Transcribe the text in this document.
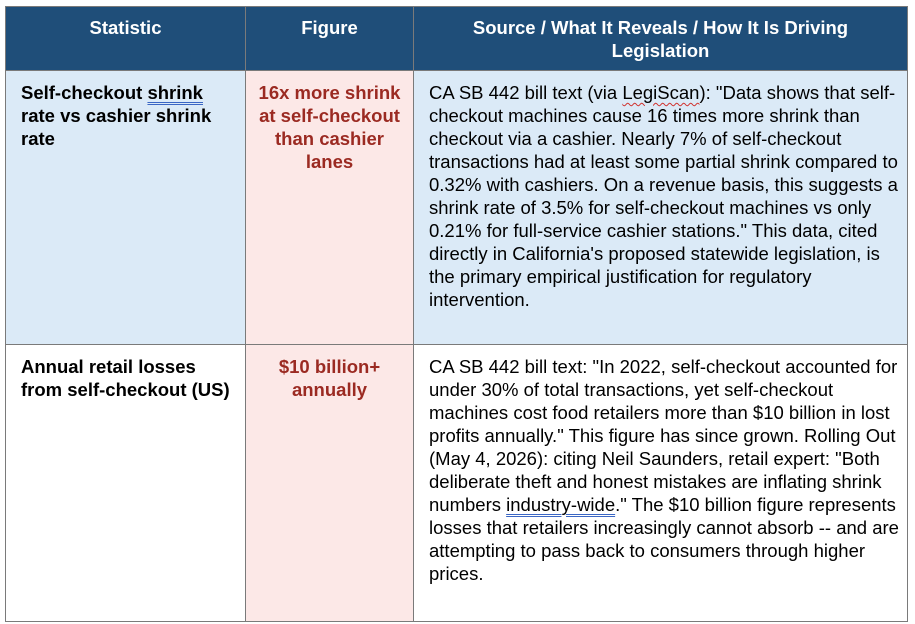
Statistic	Figure	Source / What It Reveals / How It Is Driving Legislation
Self-checkout shrink rate vs cashier shrink rate	16x more shrink at self-checkout than cashier lanes	CA SB 442 bill text (via LegiScan): "Data shows that self-checkout machines cause 16 times more shrink than checkout via a cashier. Nearly 7% of self-checkout transactions had at least some partial shrink compared to 0.32% with cashiers. On a revenue basis, this suggests a shrink rate of 3.5% for self-checkout machines vs only 0.21% for full-service cashier stations." This data, cited directly in California's proposed statewide legislation, is the primary empirical justification for regulatory intervention.
Annual retail losses from self-checkout (US)	$10 billion+ annually	CA SB 442 bill text: "In 2022, self-checkout accounted for under 30% of total transactions, yet self-checkout machines cost food retailers more than $10 billion in lost profits annually." This figure has since grown. Rolling Out (May 4, 2026): citing Neil Saunders, retail expert: "Both deliberate theft and honest mistakes are inflating shrink numbers industry-wide." The $10 billion figure represents losses that retailers increasingly cannot absorb -- and are attempting to pass back to consumers through higher prices.
